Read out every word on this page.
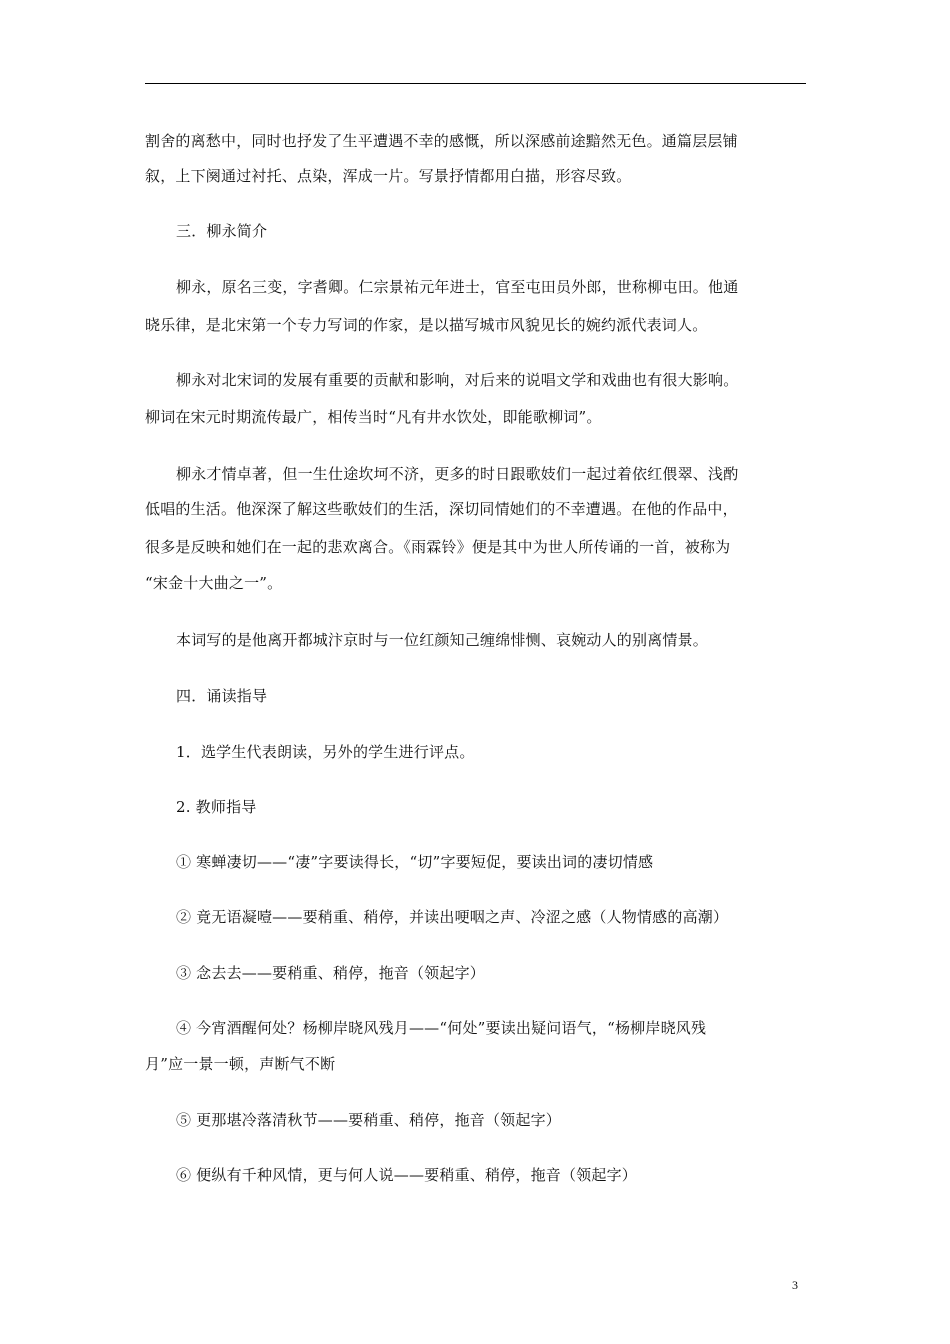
割舍的离愁中，同时也抒发了生平遭遇不幸的感慨，所以深感前途黯然无色。通篇层层铺
叙，上下阕通过衬托、点染，浑成一片。写景抒情都用白描，形容尽致。
三．柳永简介
柳永，原名三变，字耆卿。仁宗景祐元年进士，官至屯田员外郎，世称柳屯田。他通
晓乐律，是北宋第一个专力写词的作家，是以描写城市风貌见长的婉约派代表词人。
柳永对北宋词的发展有重要的贡献和影响，对后来的说唱文学和戏曲也有很大影响。
柳词在宋元时期流传最广，相传当时“凡有井水饮处，即能歌柳词”。
柳永才情卓著，但一生仕途坎坷不济，更多的时日跟歌妓们一起过着依红偎翠、浅酌
低唱的生活。他深深了解这些歌妓们的生活，深切同情她们的不幸遭遇。在他的作品中，
很多是反映和她们在一起的悲欢离合。《雨霖铃》便是其中为世人所传诵的一首，被称为
“宋金十大曲之一”。
本词写的是他离开都城汴京时与一位红颜知己缠绵悱恻、哀婉动人的别离情景。
四．诵读指导
1．选学生代表朗读，另外的学生进行评点。
2. 教师指导
① 寒蝉凄切——“凄”字要读得长，“切”字要短促，要读出词的凄切情感
② 竟无语凝噎——要稍重、稍停，并读出哽咽之声、冷涩之感（人物情感的高潮）
③ 念去去——要稍重、稍停，拖音（领起字）
④ 今宵酒醒何处？杨柳岸晓风残月——“何处”要读出疑问语气，“杨柳岸晓风残
月”应一景一顿，声断气不断
⑤ 更那堪冷落清秋节——要稍重、稍停，拖音（领起字）
⑥ 便纵有千种风情，更与何人说——要稍重、稍停，拖音（领起字）
3
